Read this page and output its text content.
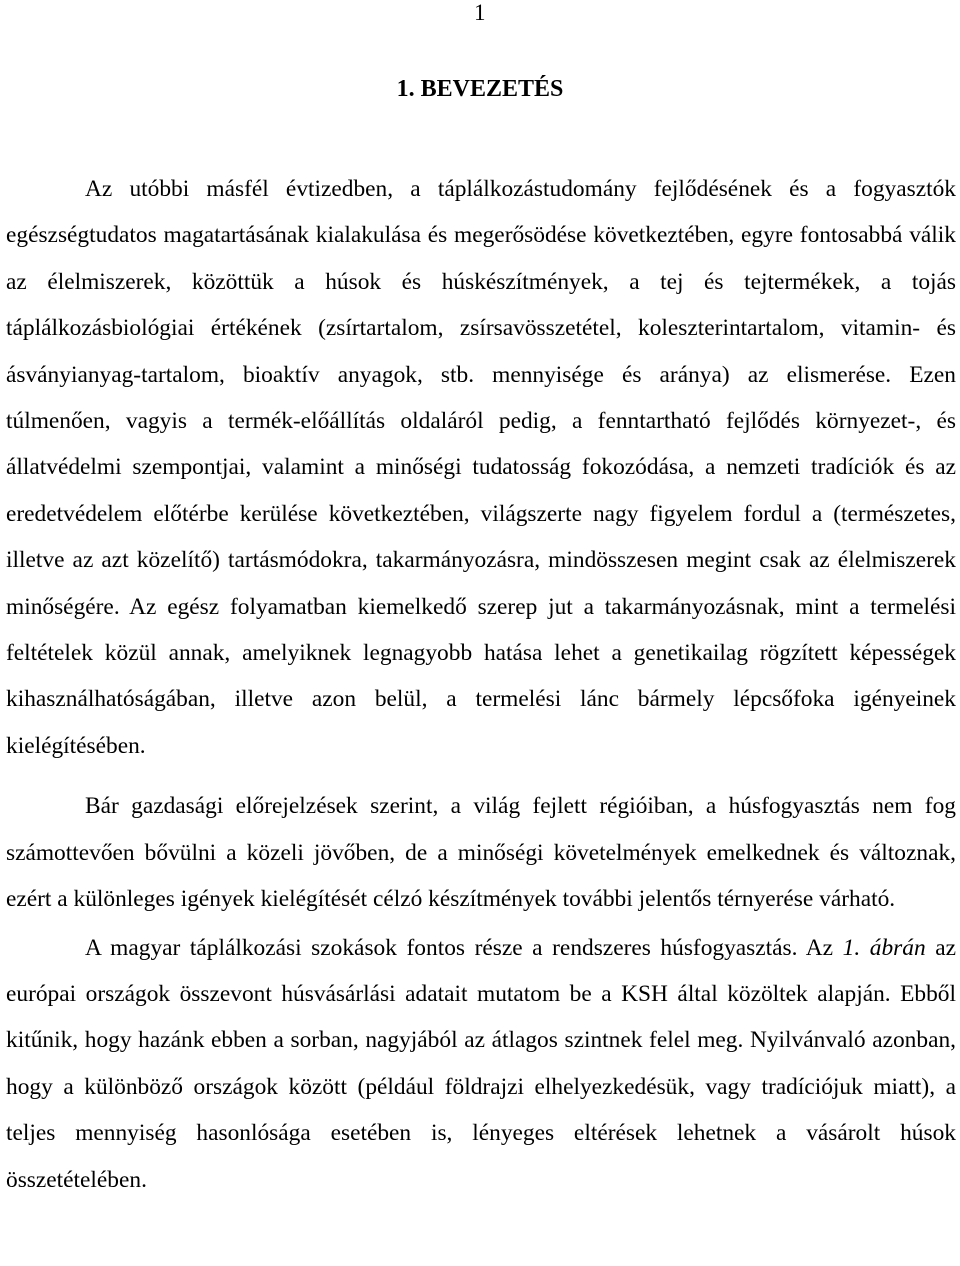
1
1. BEVEZETÉS

Az utóbbi másfél évtizedben, a táplálkozástudomány fejlődésének és a fogyasztók egészségtudatos magatartásának kialakulása és megerősödése következtében, egyre fontosabbá válik az élelmiszerek, közöttük a húsok és húskészítmények, a tej és tejtermékek, a tojás táplálkozásbiológiai értékének (zsírtartalom, zsírsavösszetétel, koleszterintartalom, vitamin- és ásványianyag-tartalom, bioaktív anyagok, stb. mennyisége és aránya) az elismerése. Ezen túlmenően, vagyis a termék-előállítás oldaláról pedig, a fenntartható fejlődés környezet-, és állatvédelmi szempontjai, valamint a minőségi tudatosság fokozódása, a nemzeti tradíciók és az eredetvédelem előtérbe kerülése következtében, világszerte nagy figyelem fordul a (természetes, illetve az azt közelítő) tartásmódokra, takarmányozásra, mindösszesen megint csak az élelmiszerek minőségére. Az egész folyamatban kiemelkedő szerep jut a takarmányozásnak, mint a termelési feltételek közül annak, amelyiknek legnagyobb hatása lehet a genetikailag rögzített képességek kihasználhatóságában, illetve azon belül, a termelési lánc bármely lépcsőfoka igényeinek kielégítésében.

Bár gazdasági előrejelzések szerint, a világ fejlett régióiban, a húsfogyasztás nem fog számottevően bővülni a közeli jövőben, de a minőségi követelmények emelkednek és változnak, ezért a különleges igények kielégítését célzó készítmények további jelentős térnyerése várható.

A magyar táplálkozási szokások fontos része a rendszeres húsfogyasztás. Az 1. ábrán az európai országok összevont húsvásárlási adatait mutatom be a KSH által közöltek alapján. Ebből kitűnik, hogy hazánk ebben a sorban, nagyjából az átlagos szintnek felel meg. Nyilvánvaló azonban, hogy a különböző országok között (például földrajzi elhelyezkedésük, vagy tradíciójuk miatt), a teljes mennyiség hasonlósága esetében is, lényeges eltérések lehetnek a vásárolt húsok összetételében.
